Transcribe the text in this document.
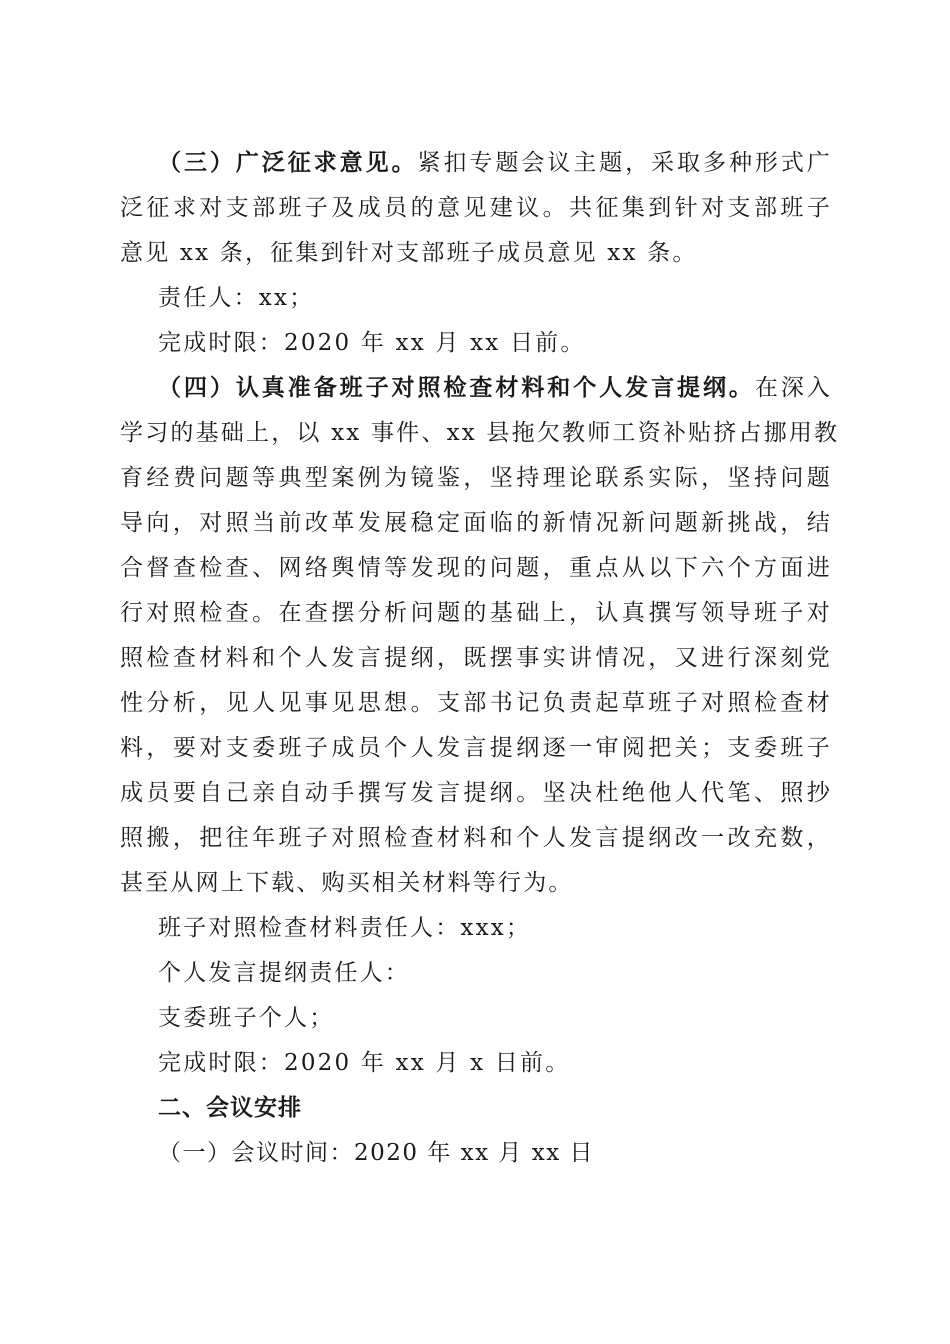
（三）广泛征求意见。紧扣专题会议主题，采取多种形式广
泛征求对支部班子及成员的意见建议。共征集到针对支部班子
意见 xx 条，征集到针对支部班子成员意见 xx 条。
责任人：xx；
完成时限：2020 年 xx 月 xx 日前。
（四）认真准备班子对照检查材料和个人发言提纲。在深入
学习的基础上，以 xx 事件、xx 县拖欠教师工资补贴挤占挪用教
育经费问题等典型案例为镜鉴，坚持理论联系实际，坚持问题
导向，对照当前改革发展稳定面临的新情况新问题新挑战，结
合督查检查、网络舆情等发现的问题，重点从以下六个方面进
行对照检查。在查摆分析问题的基础上，认真撰写领导班子对
照检查材料和个人发言提纲，既摆事实讲情况，又进行深刻党
性分析，见人见事见思想。支部书记负责起草班子对照检查材
料，要对支委班子成员个人发言提纲逐一审阅把关；支委班子
成员要自己亲自动手撰写发言提纲。坚决杜绝他人代笔、照抄
照搬，把往年班子对照检查材料和个人发言提纲改一改充数，
甚至从网上下载、购买相关材料等行为。
班子对照检查材料责任人：xxx；
个人发言提纲责任人：
支委班子个人；
完成时限：2020 年 xx 月 x 日前。
二、会议安排
（一）会议时间：2020 年 xx 月 xx 日
